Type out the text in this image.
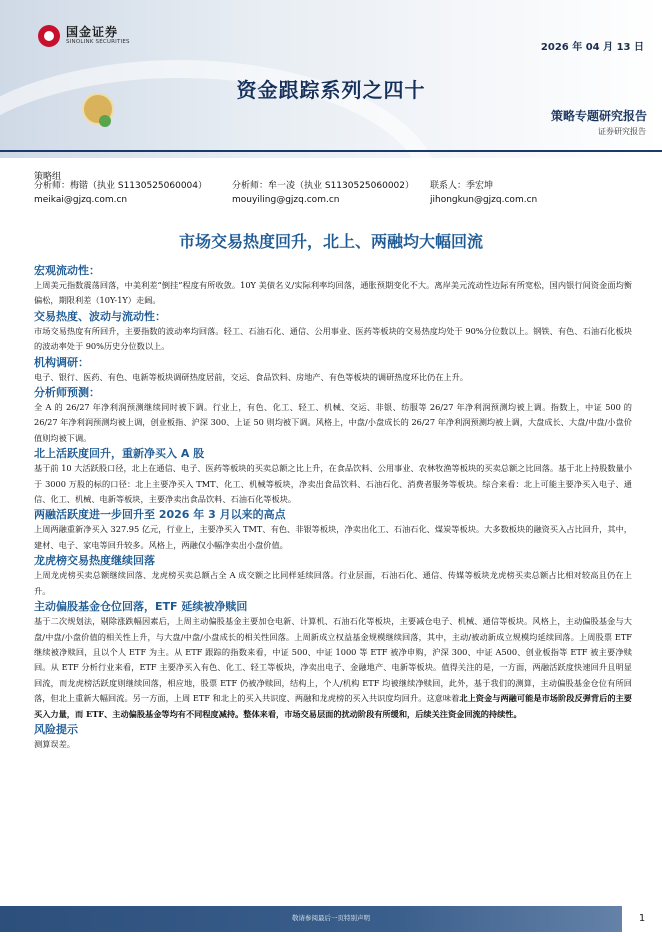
国金证券
SINOLINK SECURITIES	2026 年 04 月 13 日
资金跟踪系列之四十
策略专题研究报告
证券研究报告
策略组
分析师：梅锴（执业 S1130525060004）
meikai@gjzq.com.cn
分析师：牟一凌（执业 S1130525060002）
mouyiling@gjzq.com.cn
联系人：季宏坤
jihongkun@gjzq.com.cn
市场交易热度回升，北上、两融均大幅回流
宏观流动性：

上周美元指数震荡回落，中美利差“倒挂”程度有所收敛。10Y 美债名义/实际利率均回落，通胀预期变化不大。离岸美元流动性边际有所宽松，国内银行间资金面均衡偏松，期限利差（10Y-1Y）走阔。

交易热度、波动与流动性：

市场交易热度有所回升，主要指数的波动率均回落。轻工、石油石化、通信、公用事业、医药等板块的交易热度均处于 90%分位数以上。钢铁、有色、石油石化板块的波动率处于 90%历史分位数以上。

机构调研：

电子、银行、医药、有色、电新等板块调研热度居前，交运、食品饮料、房地产、有色等板块的调研热度环比仍在上升。

分析师预测：

全 A 的 26/27 年净利润预测继续同时被下调。行业上，有色、化工、轻工、机械、交运、非银、纺服等 26/27 年净利润预测均被上调。指数上，中证 500 的 26/27 年净利润预测均被上调，创业板指、沪深 300、上证 50 则均被下调。风格上，中盘/小盘成长的 26/27 年净利润预测均被上调，大盘成长、大盘/中盘/小盘价值则均被下调。

北上活跃度回升，重新净买入 A 股

基于前 10 大活跃股口径，北上在通信、电子、医药等板块的买卖总额之比上升，在食品饮料、公用事业、农林牧渔等板块的买卖总额之比回落。基于北上持股数量小于 3000 万股的标的口径：北上主要净买入 TMT、化工、机械等板块，净卖出食品饮料、石油石化、消费者服务等板块。综合来看：北上可能主要净买入电子、通信、化工、机械、电新等板块，主要净卖出食品饮料、石油石化等板块。

两融活跃度进一步回升至 2026 年 3 月以来的高点

上周两融重新净买入 327.95 亿元，行业上，主要净买入 TMT、有色、非银等板块，净卖出化工、石油石化、煤炭等板块。大多数板块的融资买入占比回升，其中，建材、电子、家电等回升较多。风格上，两融仅小幅净卖出小盘价值。

龙虎榜交易热度继续回落

上周龙虎榜买卖总额继续回落、龙虎榜买卖总额占全 A 成交额之比同样延续回落。行业层面，石油石化、通信、传媒等板块龙虎榜买卖总额占比相对较高且仍在上升。

主动偏股基金仓位回落，ETF 延续被净赎回

基于二次规划法，剔除涨跌幅因素后，上周主动偏股基金主要加仓电新、计算机、石油石化等板块，主要减仓电子、机械、通信等板块。风格上，主动偏股基金与大盘/中盘/小盘价值的相关性上升，与大盘/中盘/小盘成长的相关性回落。上周新成立权益基金规模继续回落，其中，主动/被动新成立规模均延续回落。上周股票 ETF 继续被净赎回，且以个人 ETF 为主。从 ETF 跟踪的指数来看，中证 500、中证 1000 等 ETF 被净申购，沪深 300、中证 A500、创业板指等 ETF 被主要净赎回。从 ETF 分析行业来看，ETF 主要净买入有色、化工、轻工等板块，净卖出电子、金融地产、电新等板块。值得关注的是，一方面，两融活跃度快速回升且明显回流，而龙虎榜活跃度则继续回落，相应地，股票 ETF 仍被净赎回，结构上，个人/机构 ETF 均被继续净赎回，此外，基于我们的测算，主动偏股基金仓位有所回落，但北上重新大幅回流。另一方面，上周 ETF 和北上的买入共识度、两融和龙虎榜的买入共识度均回升。这意味着北上资金与两融可能是市场阶段反弹背后的主要买入力量，而 ETF、主动偏股基金等均有不同程度减持。整体来看，市场交易层面的扰动阶段有所缓和，后续关注资金回流的持续性。

风险提示

测算误差。

敬请参阅最后一页特别声明	1
